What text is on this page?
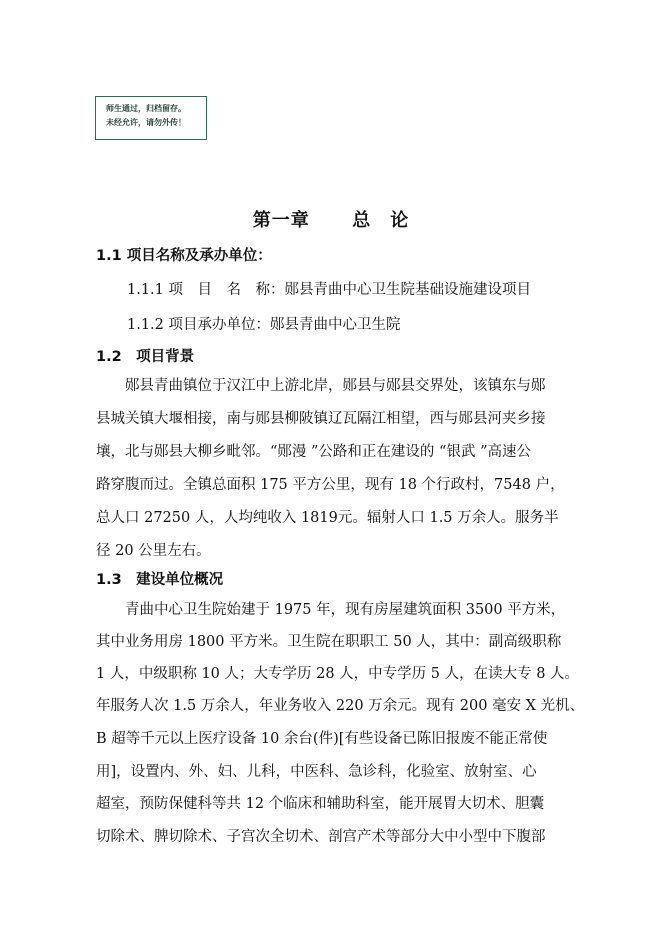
师生通过，归档留存。
未经允许，请勿外传！
第一章 总　论
1.1 项目名称及承办单位：
1.1.1 项　目　名　称：郧县青曲中心卫生院基础设施建设项目
1.1.2 项目承办单位：郧县青曲中心卫生院
1.2　项目背景
　　郧县青曲镇位于汉江中上游北岸，郧县与郧县交界处，该镇东与郧
县城关镇大堰相接，南与郧县柳陂镇辽瓦隔江相望，西与郧县河夹乡接
壤，北与郧县大柳乡毗邻。“郧漫 ”公路和正在建设的 “银武 ”高速公
路穿腹而过。全镇总面积 175 平方公里，现有 18 个行政村，7548 户，
总人口 27250 人，人均纯收入 1819元。辐射人口 1.5 万余人。服务半
径 20 公里左右。
1.3　建设单位概况
　　青曲中心卫生院始建于 1975 年，现有房屋建筑面积 3500 平方米，
其中业务用房 1800 平方米。卫生院在职职工 50 人，其中：副高级职称
1 人，中级职称 10 人；大专学历 28 人，中专学历 5 人，在读大专 8 人。
年服务人次 1.5 万余人，年业务收入 220 万余元。现有 200 毫安 X 光机、
B 超等千元以上医疗设备 10 余台(件)[有些设备已陈旧报废不能正常使
用]，设置内、外、妇、儿科，中医科、急诊科，化验室、放射室、心
超室，预防保健科等共 12 个临床和辅助科室，能开展胃大切术、胆囊
切除术、脾切除术、子宫次全切术、剖宫产术等部分大中小型中下腹部
